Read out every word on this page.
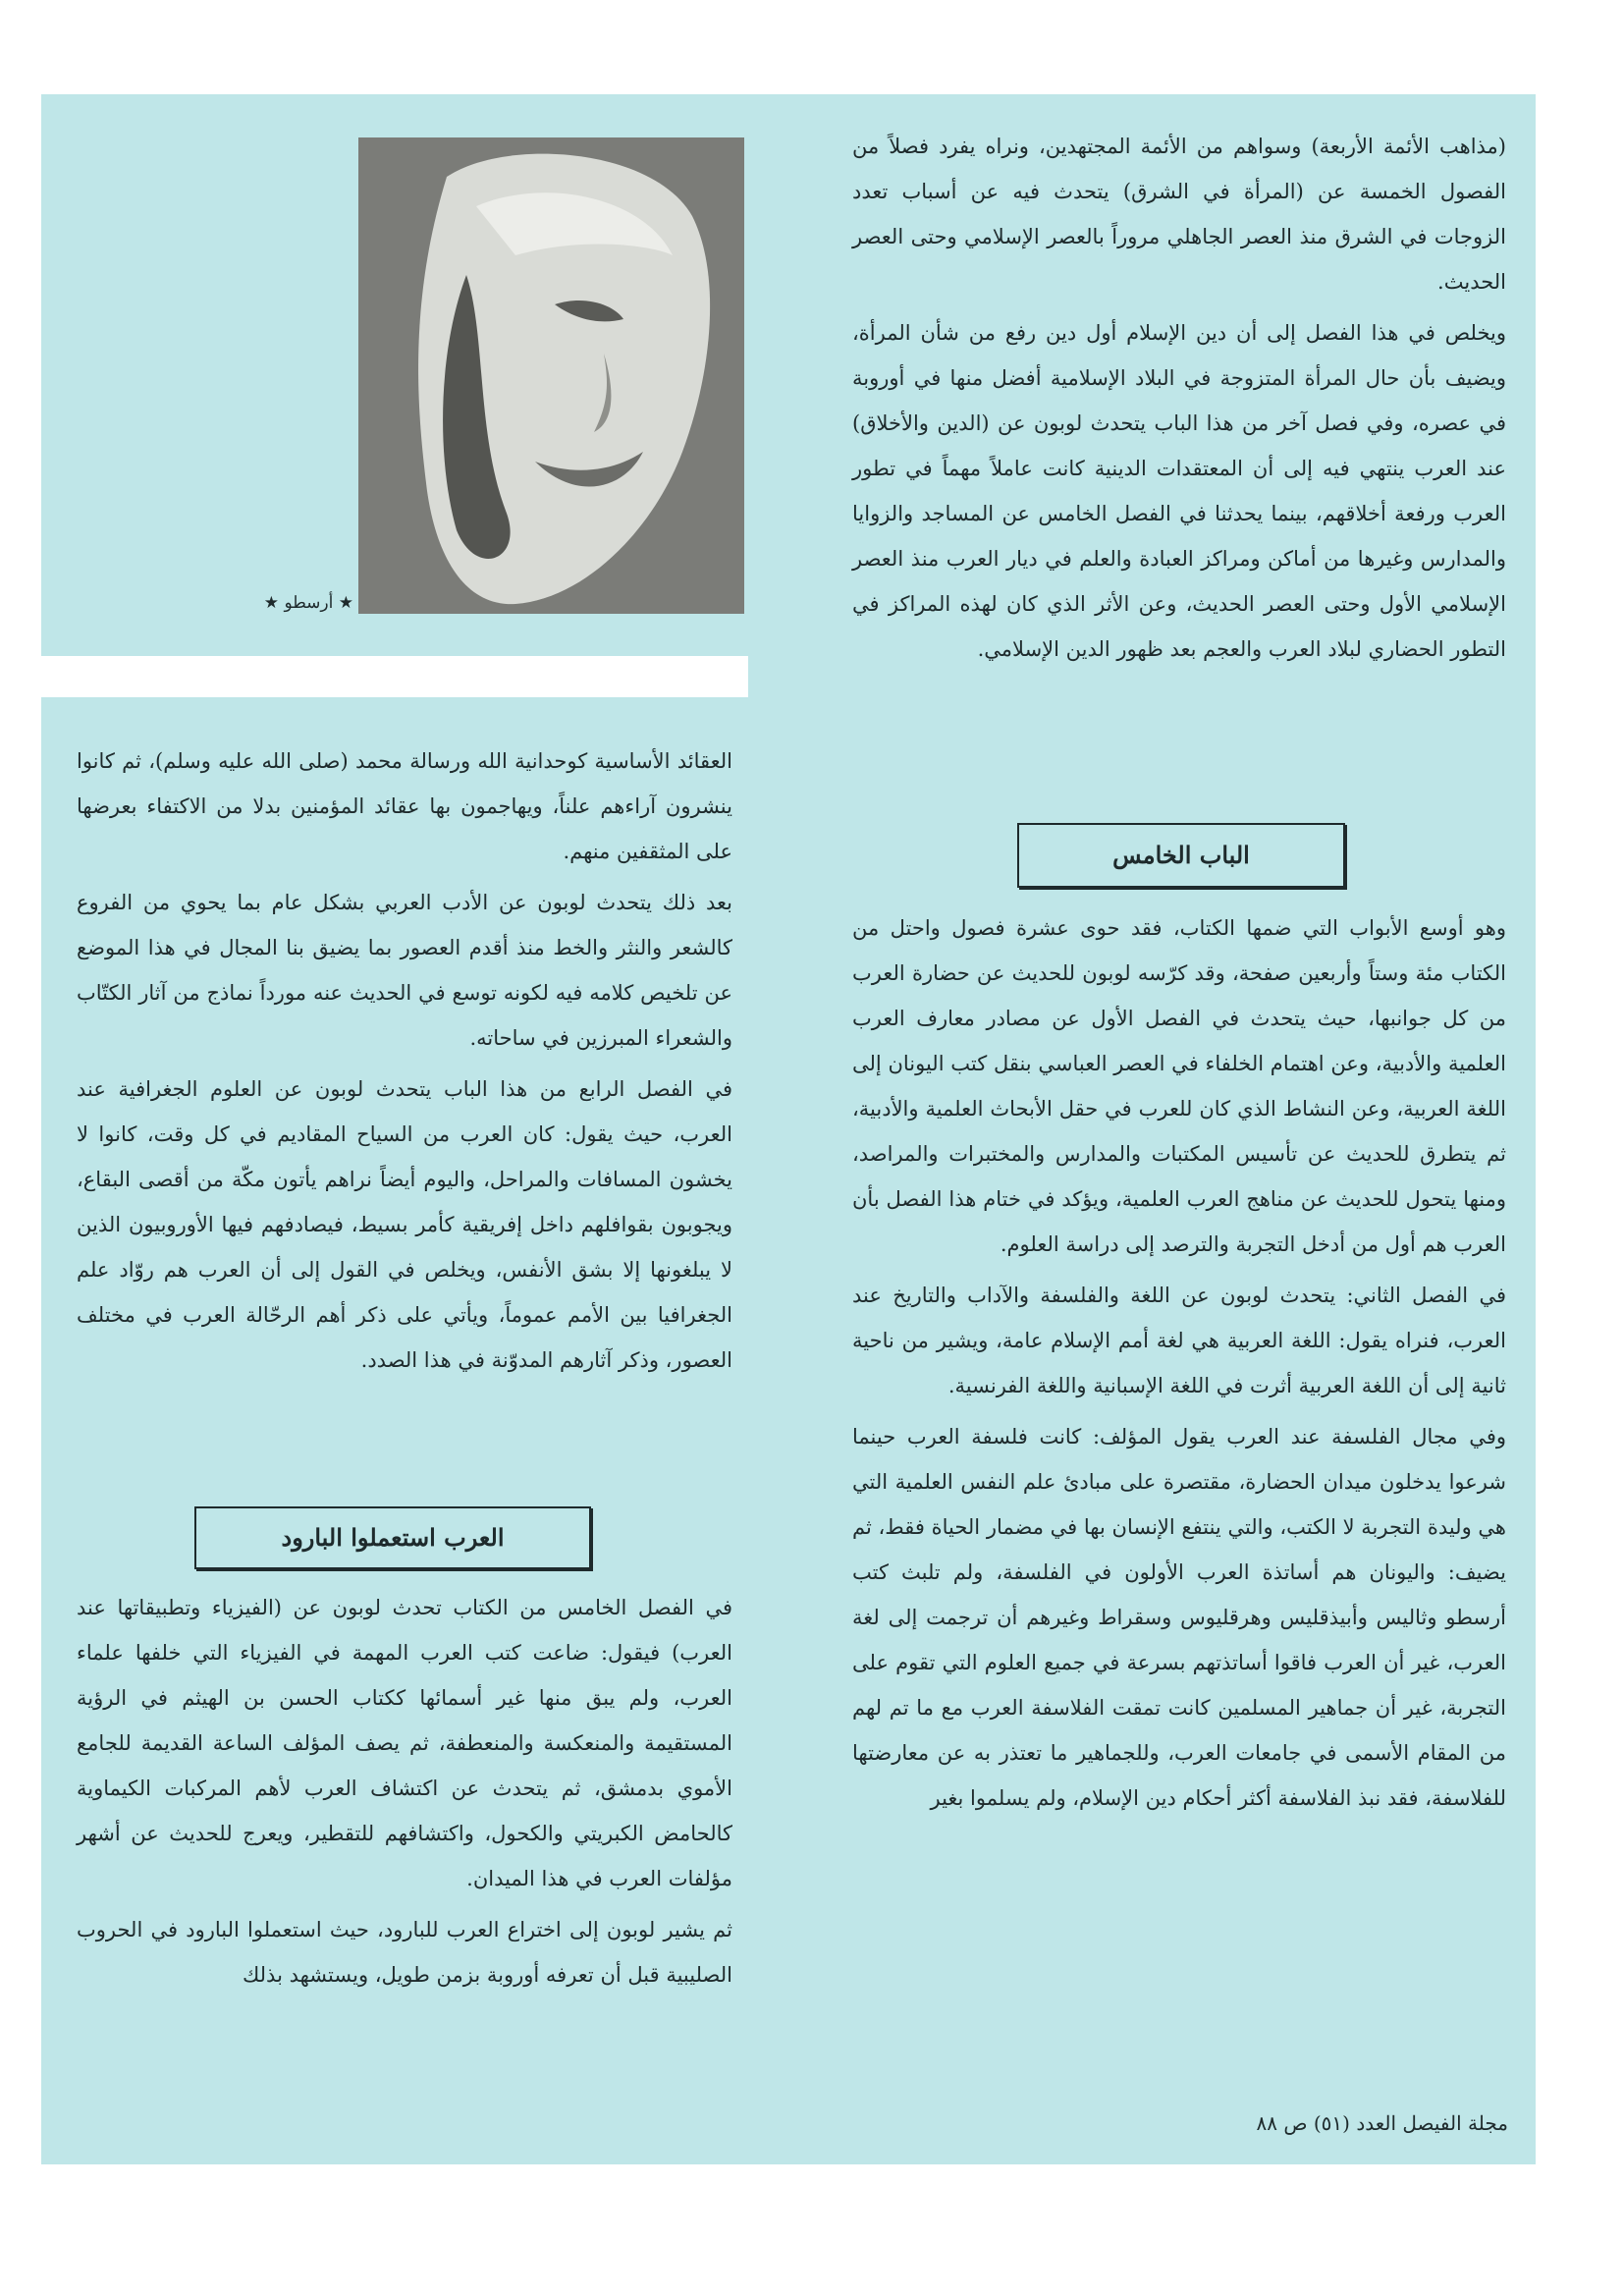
★ أرسطو ★

(مذاهب الأئمة الأربعة) وسواهم من الأئمة المجتهدين، ونراه يفرد فصلاً من الفصول الخمسة عن (المرأة في الشرق) يتحدث فيه عن أسباب تعدد الزوجات في الشرق منذ العصر الجاهلي مروراً بالعصر الإسلامي وحتى العصر الحديث.

ويخلص في هذا الفصل إلى أن دين الإسلام أول دين رفع من شأن المرأة، ويضيف بأن حال المرأة المتزوجة في البلاد الإسلامية أفضل منها في أوروبة في عصره، وفي فصل آخر من هذا الباب يتحدث لوبون عن (الدين والأخلاق) عند العرب ينتهي فيه إلى أن المعتقدات الدينية كانت عاملاً مهماً في تطور العرب ورفعة أخلاقهم، بينما يحدثنا في الفصل الخامس عن المساجد والزوايا والمدارس وغيرها من أماكن ومراكز العبادة والعلم في ديار العرب منذ العصر الإسلامي الأول وحتى العصر الحديث، وعن الأثر الذي كان لهذه المراكز في التطور الحضاري لبلاد العرب والعجم بعد ظهور الدين الإسلامي.

الباب الخامس

وهو أوسع الأبواب التي ضمها الكتاب، فقد حوى عشرة فصول واحتل من الكتاب مئة وستاً وأربعين صفحة، وقد كرّسه لوبون للحديث عن حضارة العرب من كل جوانبها، حيث يتحدث في الفصل الأول عن مصادر معارف العرب العلمية والأدبية، وعن اهتمام الخلفاء في العصر العباسي بنقل كتب اليونان إلى اللغة العربية، وعن النشاط الذي كان للعرب في حقل الأبحاث العلمية والأدبية، ثم يتطرق للحديث عن تأسيس المكتبات والمدارس والمختبرات والمراصد، ومنها يتحول للحديث عن مناهج العرب العلمية، ويؤكد في ختام هذا الفصل بأن العرب هم أول من أدخل التجربة والترصد إلى دراسة العلوم.

في الفصل الثاني: يتحدث لوبون عن اللغة والفلسفة والآداب والتاريخ عند العرب، فنراه يقول: اللغة العربية هي لغة أمم الإسلام عامة، ويشير من ناحية ثانية إلى أن اللغة العربية أثرت في اللغة الإسبانية واللغة الفرنسية.

وفي مجال الفلسفة عند العرب يقول المؤلف: كانت فلسفة العرب حينما شرعوا يدخلون ميدان الحضارة، مقتصرة على مبادئ علم النفس العلمية التي هي وليدة التجربة لا الكتب، والتي ينتفع الإنسان بها في مضمار الحياة فقط، ثم يضيف: واليونان هم أساتذة العرب الأولون في الفلسفة، ولم تلبث كتب أرسطو وثاليس وأبيذقليس وهرقليوس وسقراط وغيرهم أن ترجمت إلى لغة العرب، غير أن العرب فاقوا أساتذتهم بسرعة في جميع العلوم التي تقوم على التجربة، غير أن جماهير المسلمين كانت تمقت الفلاسفة العرب مع ما تم لهم من المقام الأسمى في جامعات العرب، وللجماهير ما تعتذر به عن معارضتها للفلاسفة، فقد نبذ الفلاسفة أكثر أحكام دين الإسلام، ولم يسلموا بغير

العقائد الأساسية كوحدانية الله ورسالة محمد (صلى الله عليه وسلم)، ثم كانوا ينشرون آراءهم علناً، ويهاجمون بها عقائد المؤمنين بدلا من الاكتفاء بعرضها على المثقفين منهم.

بعد ذلك يتحدث لوبون عن الأدب العربي بشكل عام بما يحوي من الفروع كالشعر والنثر والخط منذ أقدم العصور بما يضيق بنا المجال في هذا الموضع عن تلخيص كلامه فيه لكونه توسع في الحديث عنه مورداً نماذج من آثار الكتّاب والشعراء المبرزين في ساحاته.

في الفصل الرابع من هذا الباب يتحدث لوبون عن العلوم الجغرافية عند العرب، حيث يقول: كان العرب من السياح المقاديم في كل وقت، كانوا لا يخشون المسافات والمراحل، واليوم أيضاً نراهم يأتون مكّة من أقصى البقاع، ويجوبون بقوافلهم داخل إفريقية كأمر بسيط، فيصادفهم فيها الأوروبيون الذين لا يبلغونها إلا بشق الأنفس، ويخلص في القول إلى أن العرب هم روّاد علم الجغرافيا بين الأمم عموماً، ويأتي على ذكر أهم الرحّالة العرب في مختلف العصور، وذكر آثارهم المدوّنة في هذا الصدد.

العرب استعملوا البارود

في الفصل الخامس من الكتاب تحدث لوبون عن (الفيزياء وتطبيقاتها عند العرب) فيقول: ضاعت كتب العرب المهمة في الفيزياء التي خلفها علماء العرب، ولم يبق منها غير أسمائها ككتاب الحسن بن الهيثم في الرؤية المستقيمة والمنعكسة والمنعطفة، ثم يصف المؤلف الساعة القديمة للجامع الأموي بدمشق، ثم يتحدث عن اكتشاف العرب لأهم المركبات الكيماوية كالحامض الكبريتي والكحول، واكتشافهم للتقطير، ويعرج للحديث عن أشهر مؤلفات العرب في هذا الميدان.

ثم يشير لوبون إلى اختراع العرب للبارود، حيث استعملوا البارود في الحروب الصليبية قبل أن تعرفه أوروبة بزمن طويل، ويستشهد بذلك

مجلة الفيصل العدد (٥١) ص ٨٨
